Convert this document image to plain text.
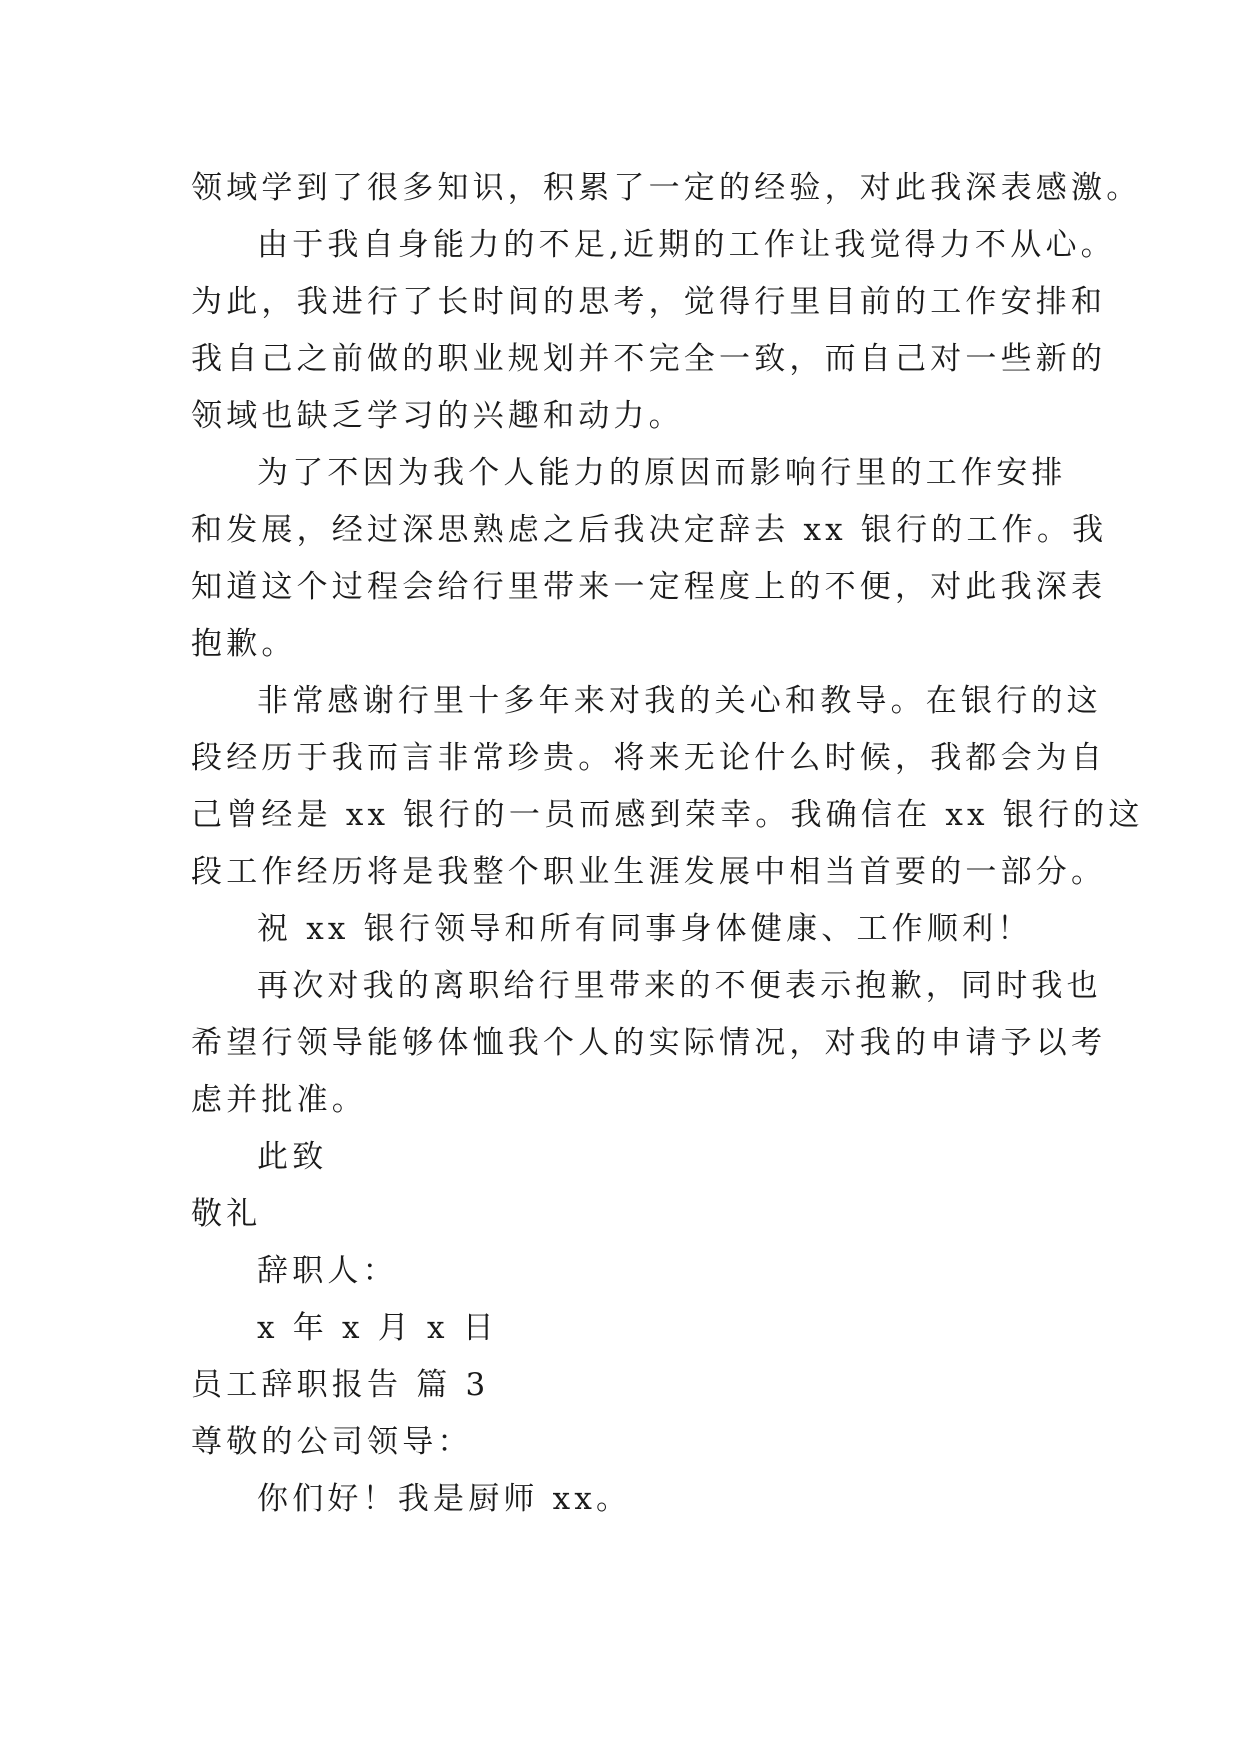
领域学到了很多知识，积累了一定的经验，对此我深表感激。
由于我自身能力的不足,近期的工作让我觉得力不从心。
为此，我进行了长时间的思考，觉得行里目前的工作安排和
我自己之前做的职业规划并不完全一致，而自己对一些新的
领域也缺乏学习的兴趣和动力。
为了不因为我个人能力的原因而影响行里的工作安排
和发展，经过深思熟虑之后我决定辞去 xx 银行的工作。我
知道这个过程会给行里带来一定程度上的不便，对此我深表
抱歉。
非常感谢行里十多年来对我的关心和教导。在银行的这
段经历于我而言非常珍贵。将来无论什么时候，我都会为自
己曾经是 xx 银行的一员而感到荣幸。我确信在 xx 银行的这
段工作经历将是我整个职业生涯发展中相当首要的一部分。
祝 xx 银行领导和所有同事身体健康、工作顺利！
再次对我的离职给行里带来的不便表示抱歉，同时我也
希望行领导能够体恤我个人的实际情况，对我的申请予以考
虑并批准。
此致
敬礼
辞职人：
x 年 x 月 x 日
员工辞职报告 篇 3
尊敬的公司领导：
你们好！我是厨师 xx。
